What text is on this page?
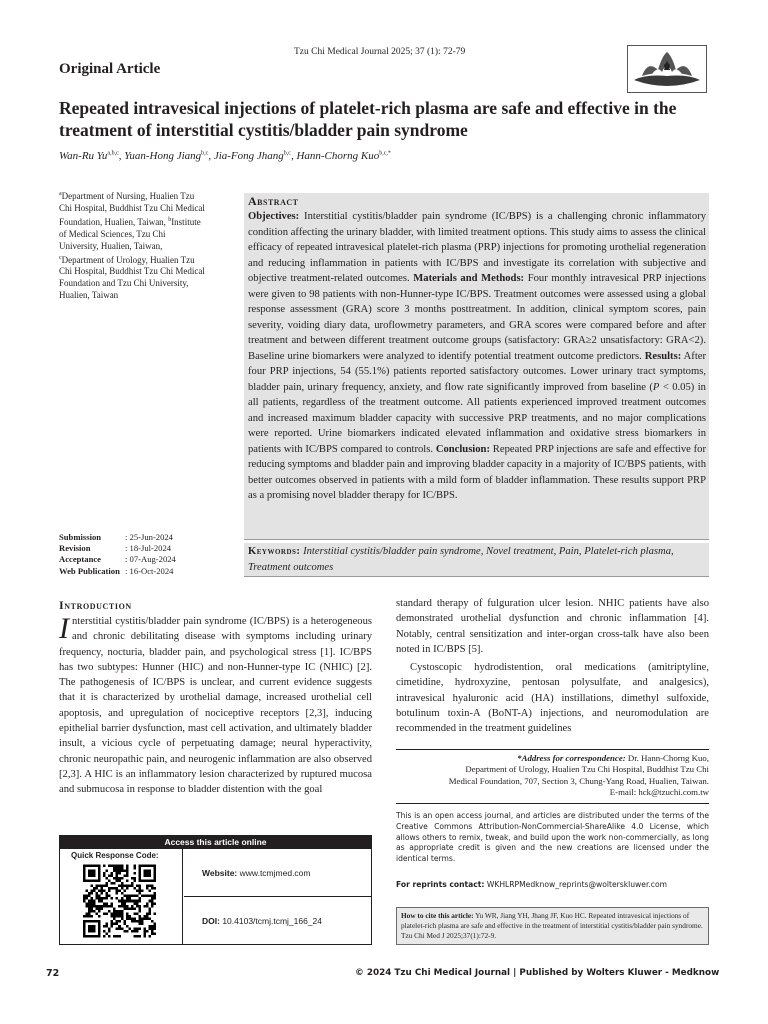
Tzu Chi Medical Journal 2025; 37 (1): 72-79
Original Article
Repeated intravesical injections of platelet-rich plasma are safe and effective in the treatment of interstitial cystitis/bladder pain syndrome
Wan-Ru Yu$^{a,b,c}$, Yuan-Hong Jiang$^{b,c}$, Jia-Fong Jhang$^{b,c}$, Hann-Chorng Kuo$^{b,c,*}$

$^a$Department of Nursing, Hualien Tzu Chi Hospital, Buddhist Tzu Chi Medical Foundation, Hualien, Taiwan, $^b$Institute of Medical Sciences, Tzu Chi University, Hualien, Taiwan, $^c$Department of Urology, Hualien Tzu Chi Hospital, Buddhist Tzu Chi Medical Foundation and Tzu Chi University, Hualien, Taiwan

Abstract
Objectives: Interstitial cystitis/bladder pain syndrome (IC/BPS) is a challenging chronic inflammatory condition affecting the urinary bladder, with limited treatment options. This study aims to assess the clinical efficacy of repeated intravesical platelet-rich plasma (PRP) injections for promoting urothelial regeneration and reducing inflammation in patients with IC/BPS and investigate its correlation with subjective and objective treatment-related outcomes. Materials and Methods: Four monthly intravesical PRP injections were given to 98 patients with non-Hunner-type IC/BPS. Treatment outcomes were assessed using a global response assessment (GRA) score 3 months posttreatment. In addition, clinical symptom scores, pain severity, voiding diary data, uroflowmetry parameters, and GRA scores were compared before and after treatment and between different treatment outcome groups (satisfactory: GRA≥2 unsatisfactory: GRA<2). Baseline urine biomarkers were analyzed to identify potential treatment outcome predictors. Results: After four PRP injections, 54 (55.1%) patients reported satisfactory outcomes. Lower urinary tract symptoms, bladder pain, urinary frequency, anxiety, and flow rate significantly improved from baseline (P < 0.05) in all patients, regardless of the treatment outcome. All patients experienced improved treatment outcomes and increased maximum bladder capacity with successive PRP treatments, and no major complications were reported. Urine biomarkers indicated elevated inflammation and oxidative stress biomarkers in patients with IC/BPS compared to controls. Conclusion: Repeated PRP injections are safe and effective for reducing symptoms and bladder pain and improving bladder capacity in a majority of IC/BPS patients, with better outcomes observed in patients with a mild form of bladder inflammation. These results support PRP as a promising novel bladder therapy for IC/BPS.
Keywords: Interstitial cystitis/bladder pain syndrome, Novel treatment, Pain, Platelet-rich plasma, Treatment outcomes
Submission	: 25-Jun-2024
Revision	: 18-Jul-2024
Acceptance	: 07-Aug-2024
Web Publication : 16-Oct-2024
Introduction
Interstitial cystitis/bladder pain syndrome (IC/BPS) is a heterogeneous and chronic debilitating disease with symptoms including urinary frequency, nocturia, bladder pain, and psychological stress [1]. IC/BPS has two subtypes: Hunner (HIC) and non-Hunner-type IC (NHIC) [2]. The pathogenesis of IC/BPS is unclear, and current evidence suggests that it is characterized by urothelial damage, increased urothelial cell apoptosis, and upregulation of nociceptive receptors [2,3], inducing epithelial barrier dysfunction, mast cell activation, and ultimately bladder insult, a vicious cycle of perpetuating damage; neural hyperactivity, chronic neuropathic pain, and neurogenic inflammation are also observed [2,3]. A HIC is an inflammatory lesion characterized by ruptured mucosa and submucosa in response to bladder distention with the goal
standard therapy of fulguration ulcer lesion. NHIC patients have also demonstrated urothelial dysfunction and chronic inflammation [4]. Notably, central sensitization and inter-organ cross-talk have also been noted in IC/BPS [5].
Cystoscopic hydrodistention, oral medications (amitriptyline, cimetidine, hydroxyzine, pentosan polysulfate, and analgesics), intravesical hyaluronic acid (HA) instillations, dimethyl sulfoxide, botulinum toxin-A (BoNT-A) injections, and neuromodulation are recommended in the treatment guidelines
*Address for correspondence: Dr. Hann-Chorng Kuo,
Department of Urology, Hualien Tzu Chi Hospital, Buddhist Tzu Chi
Medical Foundation, 707, Section 3, Chung-Yang Road, Hualien, Taiwan.
E-mail: hck@tzuchi.com.tw
This is an open access journal, and articles are distributed under the terms of the Creative Commons Attribution-NonCommercial-ShareAlike 4.0 License, which allows others to remix, tweak, and build upon the work non-commercially, as long as appropriate credit is given and the new creations are licensed under the identical terms.
For reprints contact: WKHLRPMedknow_reprints@wolterskluwer.com
How to cite this article: Yu WR, Jiang YH, Jhang JF, Kuo HC. Repeated intravesical injections of platelet-rich plasma are safe and effective in the treatment of interstitial cystitis/bladder pain syndrome. Tzu Chi Med J 2025;37(1):72-9.
Access this article online
Quick Response Code:
Website: www.tcmjmed.com
DOI: 10.4103/tcmj.tcmj_166_24
72	© 2024 Tzu Chi Medical Journal | Published by Wolters Kluwer - Medknow
